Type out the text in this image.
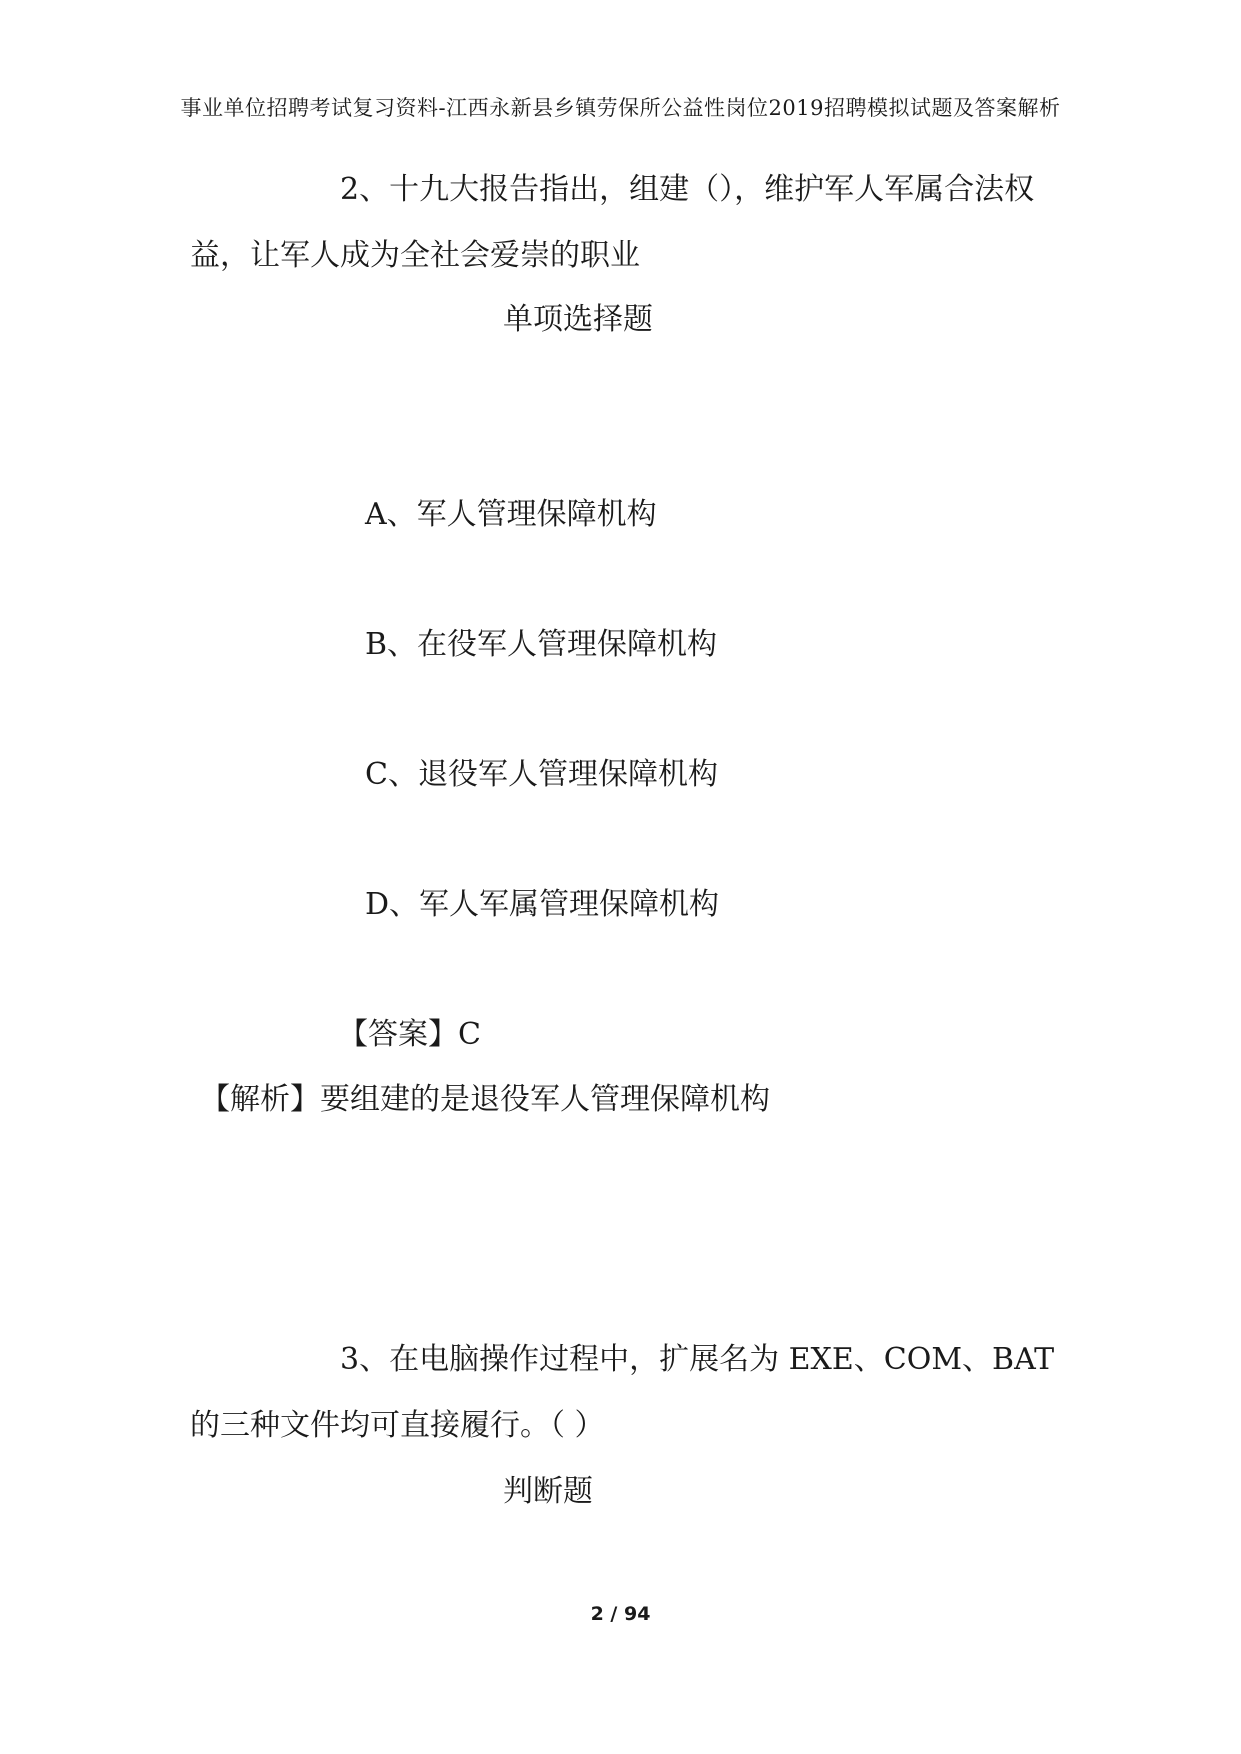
事业单位招聘考试复习资料-江西永新县乡镇劳保所公益性岗位2019招聘模拟试题及答案解析
2、十九大报告指出，组建（），维护军人军属合法权
益，让军人成为全社会爱崇的职业
单项选择题
A、军人管理保障机构
B、在役军人管理保障机构
C、退役军人管理保障机构
D、军人军属管理保障机构
【答案】C
【解析】要组建的是退役军人管理保障机构
3、在电脑操作过程中，扩展名为 EXE、COM、BAT
的三种文件均可直接履行。（ ）
判断题
2 / 94
